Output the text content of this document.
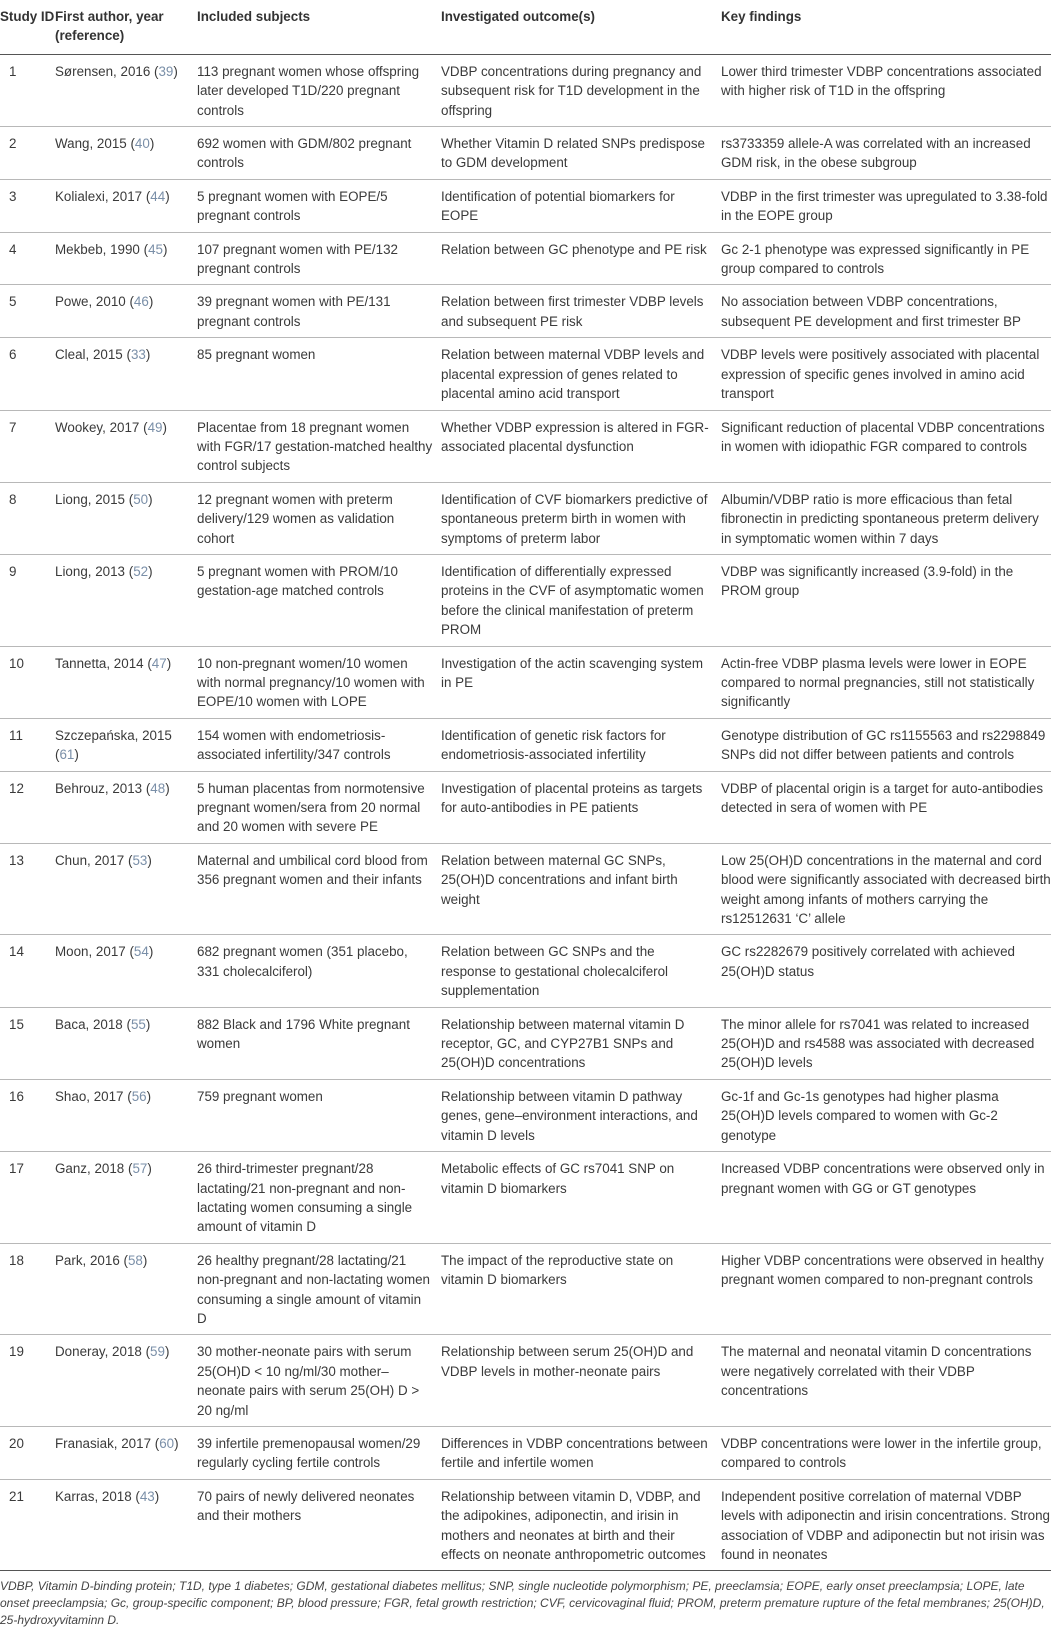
Study ID	First author, year (reference)	Included subjects	Investigated outcome(s)	Key findings
1	Sørensen, 2016 (39)	113 pregnant women whose offspring later developed T1D/220 pregnant controls	VDBP concentrations during pregnancy and subsequent risk for T1D development in the offspring	Lower third trimester VDBP concentrations associated with higher risk of T1D in the offspring
2	Wang, 2015 (40)	692 women with GDM/802 pregnant controls	Whether Vitamin D related SNPs predispose to GDM development	rs3733359 allele-A was correlated with an increased GDM risk, in the obese subgroup
3	Kolialexi, 2017 (44)	5 pregnant women with EOPE/5 pregnant controls	Identification of potential biomarkers for EOPE	VDBP in the first trimester was upregulated to 3.38-fold in the EOPE group
4	Mekbeb, 1990 (45)	107 pregnant women with PE/132 pregnant controls	Relation between GC phenotype and PE risk	Gc 2-1 phenotype was expressed significantly in PE group compared to controls
5	Powe, 2010 (46)	39 pregnant women with PE/131 pregnant controls	Relation between first trimester VDBP levels and subsequent PE risk	No association between VDBP concentrations, subsequent PE development and first trimester BP
6	Cleal, 2015 (33)	85 pregnant women	Relation between maternal VDBP levels and placental expression of genes related to placental amino acid transport	VDBP levels were positively associated with placental expression of specific genes involved in amino acid transport
7	Wookey, 2017 (49)	Placentae from 18 pregnant women with FGR/17 gestation-matched healthy control subjects	Whether VDBP expression is altered in FGR-associated placental dysfunction	Significant reduction of placental VDBP concentrations in women with idiopathic FGR compared to controls
8	Liong, 2015 (50)	12 pregnant women with preterm delivery/129 women as validation cohort	Identification of CVF biomarkers predictive of spontaneous preterm birth in women with symptoms of preterm labor	Albumin/VDBP ratio is more efficacious than fetal fibronectin in predicting spontaneous preterm delivery in symptomatic women within 7 days
9	Liong, 2013 (52)	5 pregnant women with PROM/10 gestation-age matched controls	Identification of differentially expressed proteins in the CVF of asymptomatic women before the clinical manifestation of preterm PROM	VDBP was significantly increased (3.9-fold) in the PROM group
10	Tannetta, 2014 (47)	10 non-pregnant women/10 women with normal pregnancy/10 women with EOPE/10 women with LOPE	Investigation of the actin scavenging system in PE	Actin-free VDBP plasma levels were lower in EOPE compared to normal pregnancies, still not statistically significantly
11	Szczepańska, 2015 (61)	154 women with endometriosis-associated infertility/347 controls	Identification of genetic risk factors for endometriosis-associated infertility	Genotype distribution of GC rs1155563 and rs2298849 SNPs did not differ between patients and controls
12	Behrouz, 2013 (48)	5 human placentas from normotensive pregnant women/sera from 20 normal and 20 women with severe PE	Investigation of placental proteins as targets for auto-antibodies in PE patients	VDBP of placental origin is a target for auto-antibodies detected in sera of women with PE
13	Chun, 2017 (53)	Maternal and umbilical cord blood from 356 pregnant women and their infants	Relation between maternal GC SNPs, 25(OH)D concentrations and infant birth weight	Low 25(OH)D concentrations in the maternal and cord blood were significantly associated with decreased birth weight among infants of mothers carrying the rs12512631 ‘C’ allele
14	Moon, 2017 (54)	682 pregnant women (351 placebo, 331 cholecalciferol)	Relation between GC SNPs and the response to gestational cholecalciferol supplementation	GC rs2282679 positively correlated with achieved 25(OH)D status
15	Baca, 2018 (55)	882 Black and 1796 White pregnant women	Relationship between maternal vitamin D receptor, GC, and CYP27B1 SNPs and 25(OH)D concentrations	The minor allele for rs7041 was related to increased 25(OH)D and rs4588 was associated with decreased 25(OH)D levels
16	Shao, 2017 (56)	759 pregnant women	Relationship between vitamin D pathway genes, gene–environment interactions, and vitamin D levels	Gc-1f and Gc-1s genotypes had higher plasma 25(OH)D levels compared to women with Gc-2 genotype
17	Ganz, 2018 (57)	26 third-trimester pregnant/28 lactating/21 non-pregnant and non-lactating women consuming a single amount of vitamin D	Metabolic effects of GC rs7041 SNP on vitamin D biomarkers	Increased VDBP concentrations were observed only in pregnant women with GG or GT genotypes
18	Park, 2016 (58)	26 healthy pregnant/28 lactating/21 non-pregnant and non-lactating women consuming a single amount of vitamin D	The impact of the reproductive state on vitamin D biomarkers	Higher VDBP concentrations were observed in healthy pregnant women compared to non-pregnant controls
19	Doneray, 2018 (59)	30 mother-neonate pairs with serum 25(OH)D < 10 ng/ml/30 mother–neonate pairs with serum 25(OH) D > 20 ng/ml	Relationship between serum 25(OH)D and VDBP levels in mother-neonate pairs	The maternal and neonatal vitamin D concentrations were negatively correlated with their VDBP concentrations
20	Franasiak, 2017 (60)	39 infertile premenopausal women/29 regularly cycling fertile controls	Differences in VDBP concentrations between fertile and infertile women	VDBP concentrations were lower in the infertile group, compared to controls
21	Karras, 2018 (43)	70 pairs of newly delivered neonates and their mothers	Relationship between vitamin D, VDBP, and the adipokines, adiponectin, and irisin in mothers and neonates at birth and their effects on neonate anthropometric outcomes	Independent positive correlation of maternal VDBP levels with adiponectin and irisin concentrations. Strong association of VDBP and adiponectin but not irisin was found in neonates
VDBP, Vitamin D-binding protein; T1D, type 1 diabetes; GDM, gestational diabetes mellitus; SNP, single nucleotide polymorphism; PE, preeclamsia; EOPE, early onset preeclampsia; LOPE, late onset preeclampsia; Gc, group-specific component; BP, blood pressure; FGR, fetal growth restriction; CVF, cervicovaginal fluid; PROM, preterm premature rupture of the fetal membranes; 25(OH)D, 25-hydroxyvitaminn D.
